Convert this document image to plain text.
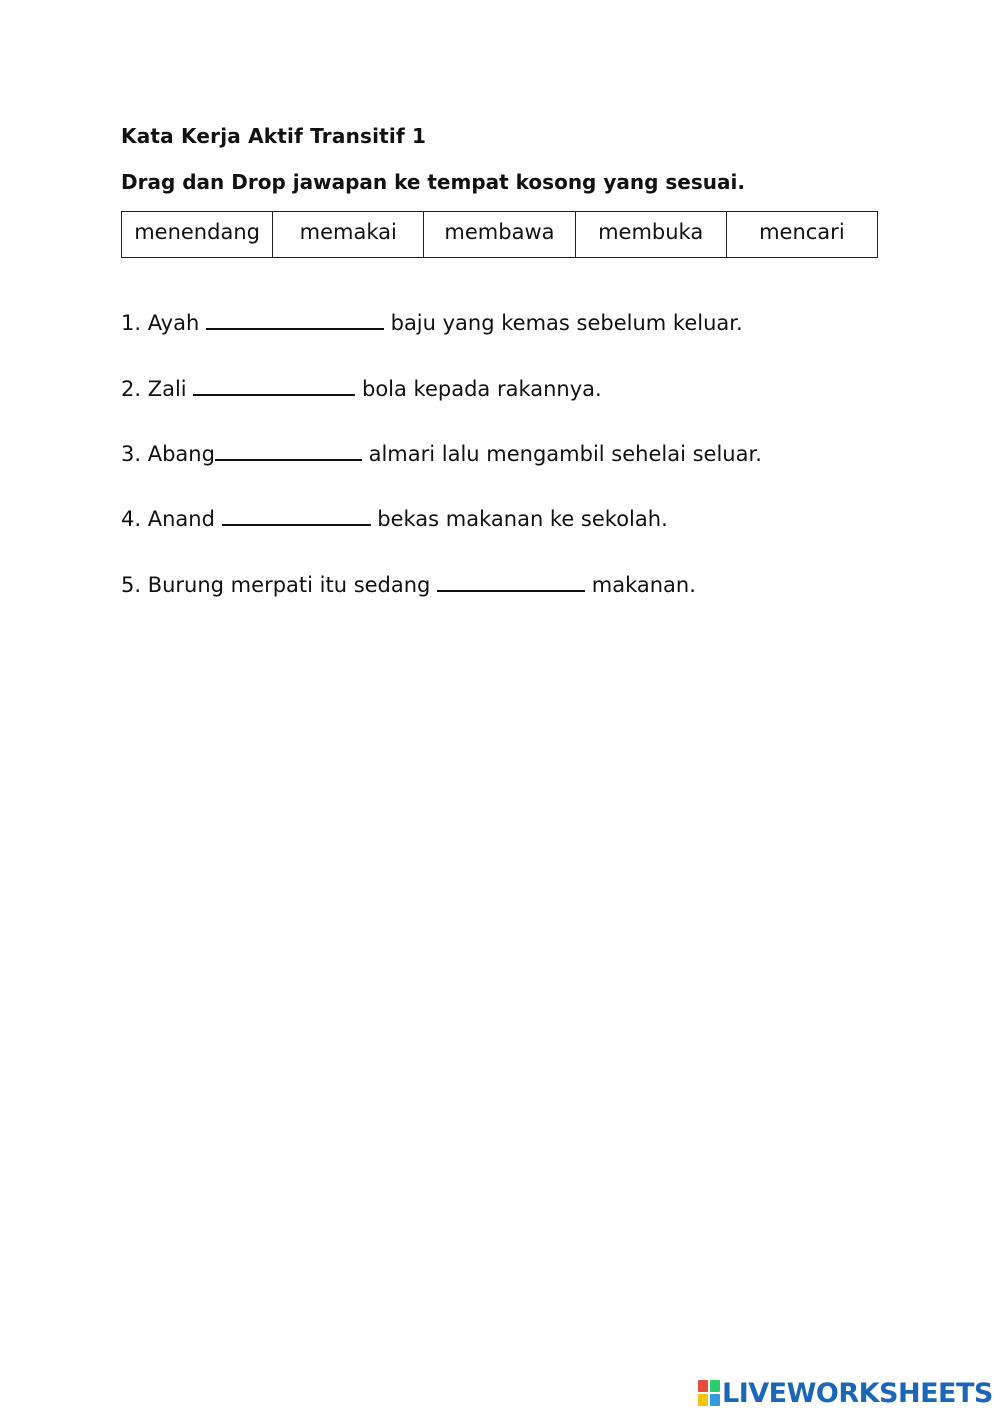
Kata Kerja Aktif Transitif 1

Drag dan Drop jawapan ke tempat kosong yang sesuai.

menendang	memakai	membawa	membuka	mencari

1. Ayah	baju yang kemas sebelum keluar.

2. Zali	bola kepada rakannya.

3. Abang	almari lalu mengambil sehelai seluar.

4. Anand	bekas makanan ke sekolah.

5. Burung merpati itu sedang	makanan.

LIVEWORKSHEETS
